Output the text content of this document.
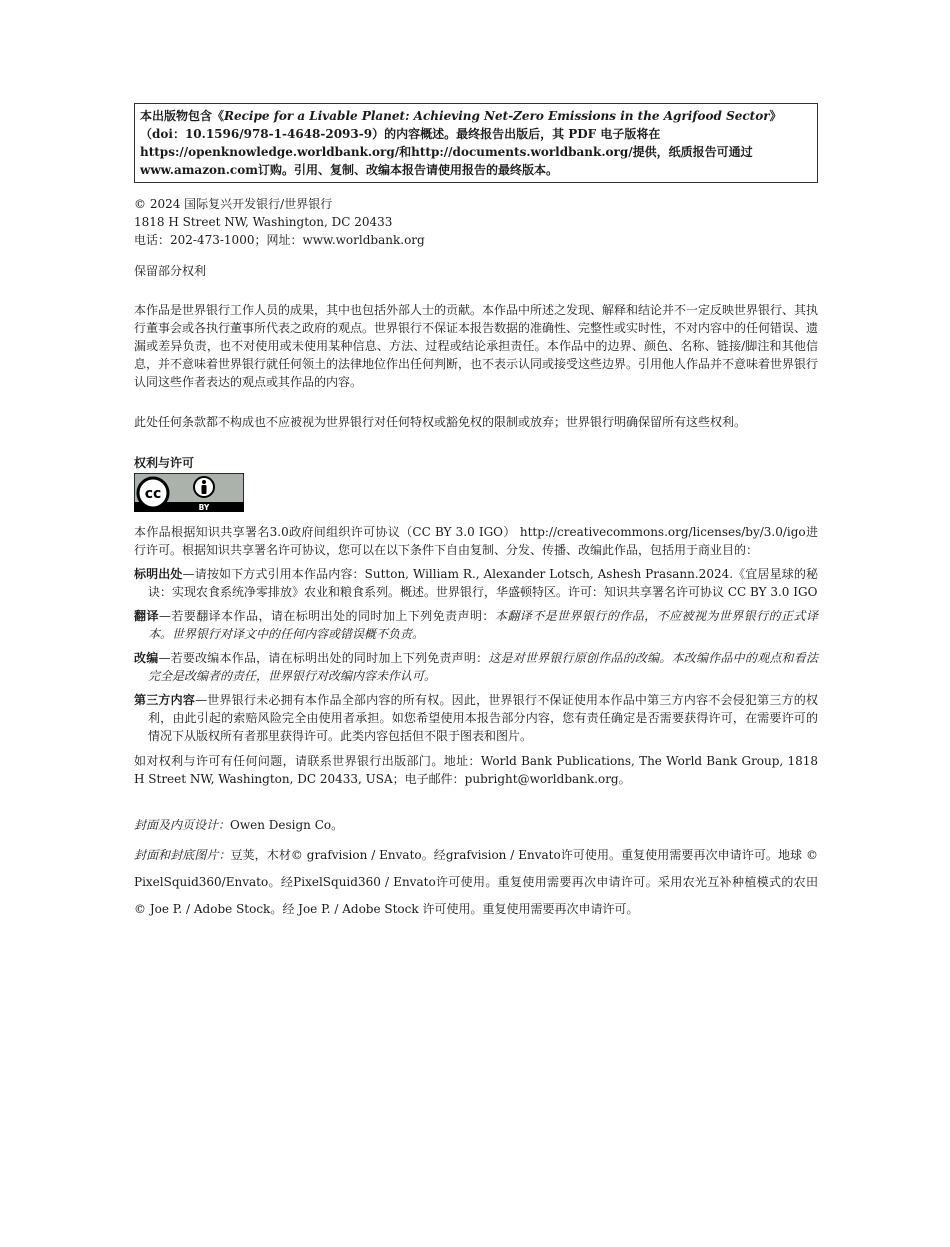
本出版物包含《Recipe for a Livable Planet: Achieving Net-Zero Emissions in the Agrifood Sector》（doi：10.1596/978-1-4648-2093-9）的内容概述。最终报告出版后，其 PDF 电子版将在 https://openknowledge.worldbank.org/和http://documents.worldbank.org/提供，纸质报告可通过　www.amazon.com订购。引用、复制、改编本报告请使用报告的最终版本。
© 2024 国际复兴开发银行/世界银行
1818 H Street NW, Washington, DC 20433
电话：202-473-1000；网址：www.worldbank.org
保留部分权利
本作品是世界银行工作人员的成果，其中也包括外部人士的贡献。本作品中所述之发现、解释和结论并不一定反映世界银行、其执行董事会或各执行董事所代表之政府的观点。世界银行不保证本报告数据的准确性、完整性或实时性，不对内容中的任何错误、遗漏或差异负责，也不对使用或未使用某种信息、方法、过程或结论承担责任。本作品中的边界、颜色、名称、链接/脚注和其他信息，并不意味着世界银行就任何领土的法律地位作出任何判断，也不表示认同或接受这些边界。引用他人作品并不意味着世界银行认同这些作者表达的观点或其作品的内容。
此处任何条款都不构成也不应被视为世界银行对任何特权或豁免权的限制或放弃；世界银行明确保留所有这些权利。
权利与许可
cc
BY
本作品根据知识共享署名3.0政府间组织许可协议（CC BY 3.0 IGO） http://creativecommons.org/licenses/by/3.0/igo进行许可。根据知识共享署名许可协议，您可以在以下条件下自由复制、分发、传播、改编此作品，包括用于商业目的：
标明出处—请按如下方式引用本作品内容：Sutton, William R., Alexander Lotsch, Ashesh Prasann.2024.《宜居星球的秘诀：实现农食系统净零排放》农业和粮食系列。概述。世界银行，华盛顿特区。许可：知识共享署名许可协议 CC BY 3.0 IGO
翻译—若要翻译本作品，请在标明出处的同时加上下列免责声明：本翻译不是世界银行的作品，不应被视为世界银行的正式译本。世界银行对译文中的任何内容或错误概不负责。
改编—若要改编本作品，请在标明出处的同时加上下列免责声明：这是对世界银行原创作品的改编。本改编作品中的观点和看法完全是改编者的责任，世界银行对改编内容未作认可。
第三方内容—世界银行未必拥有本作品全部内容的所有权。因此，世界银行不保证使用本作品中第三方内容不会侵犯第三方的权利，由此引起的索赔风险完全由使用者承担。如您希望使用本报告部分内容，您有责任确定是否需要获得许可，在需要许可的情况下从版权所有者那里获得许可。此类内容包括但不限于图表和图片。
如对权利与许可有任何问题，请联系世界银行出版部门。地址：World Bank Publications, The World Bank Group, 1818 H Street NW, Washington, DC 20433, USA；电子邮件：pubright@worldbank.org。
封面及内页设计：Owen Design Co。
封面和封底图片：豆荚，木材© grafvision / Envato。经grafvision / Envato许可使用。重复使用需要再次申请许可。地球 © PixelSquid360/Envato。经PixelSquid360 / Envato许可使用。重复使用需要再次申请许可。采用农光互补种植模式的农田 © Joe P. / Adobe Stock。经 Joe P. / Adobe Stock 许可使用。重复使用需要再次申请许可。
